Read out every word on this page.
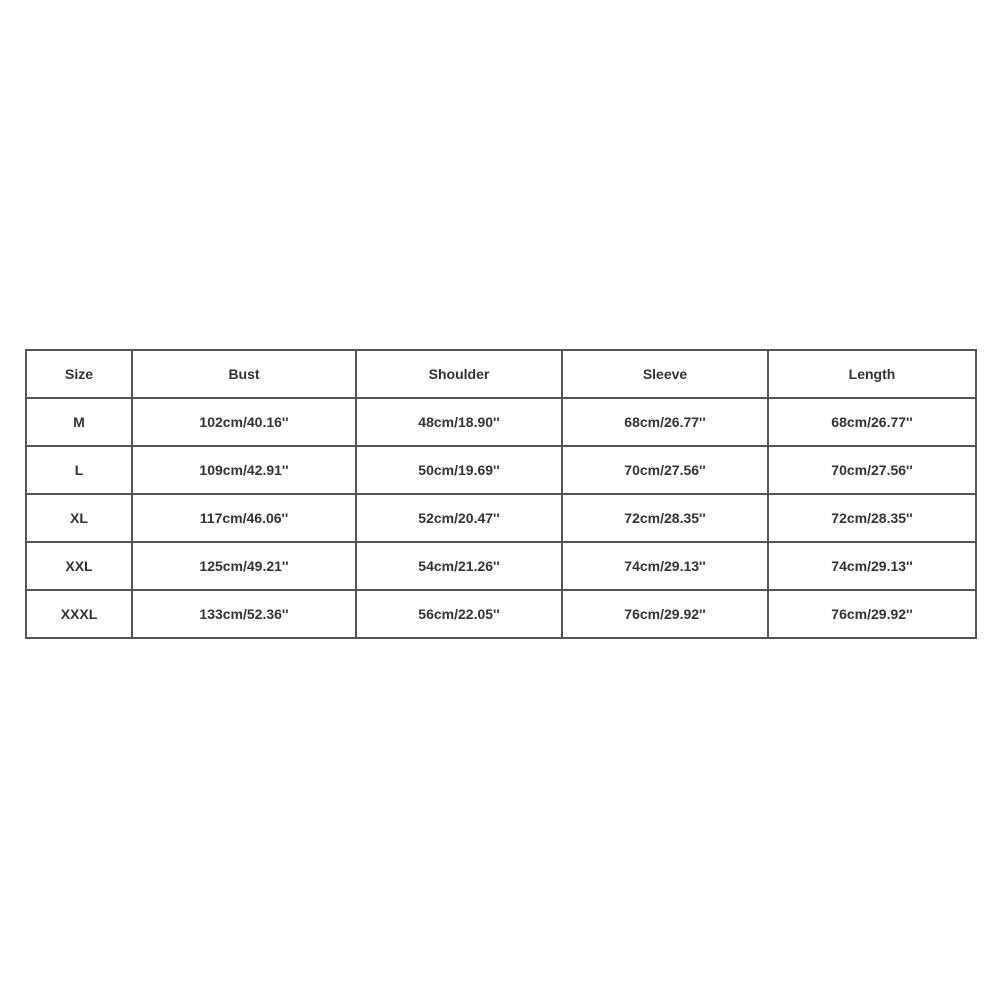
Size	Bust	Shoulder	Sleeve	Length
M	102cm/40.16''	48cm/18.90''	68cm/26.77''	68cm/26.77''
L	109cm/42.91''	50cm/19.69''	70cm/27.56''	70cm/27.56''
XL	117cm/46.06''	52cm/20.47''	72cm/28.35''	72cm/28.35''
XXL	125cm/49.21''	54cm/21.26''	74cm/29.13''	74cm/29.13''
XXXL	133cm/52.36''	56cm/22.05''	76cm/29.92''	76cm/29.92''
